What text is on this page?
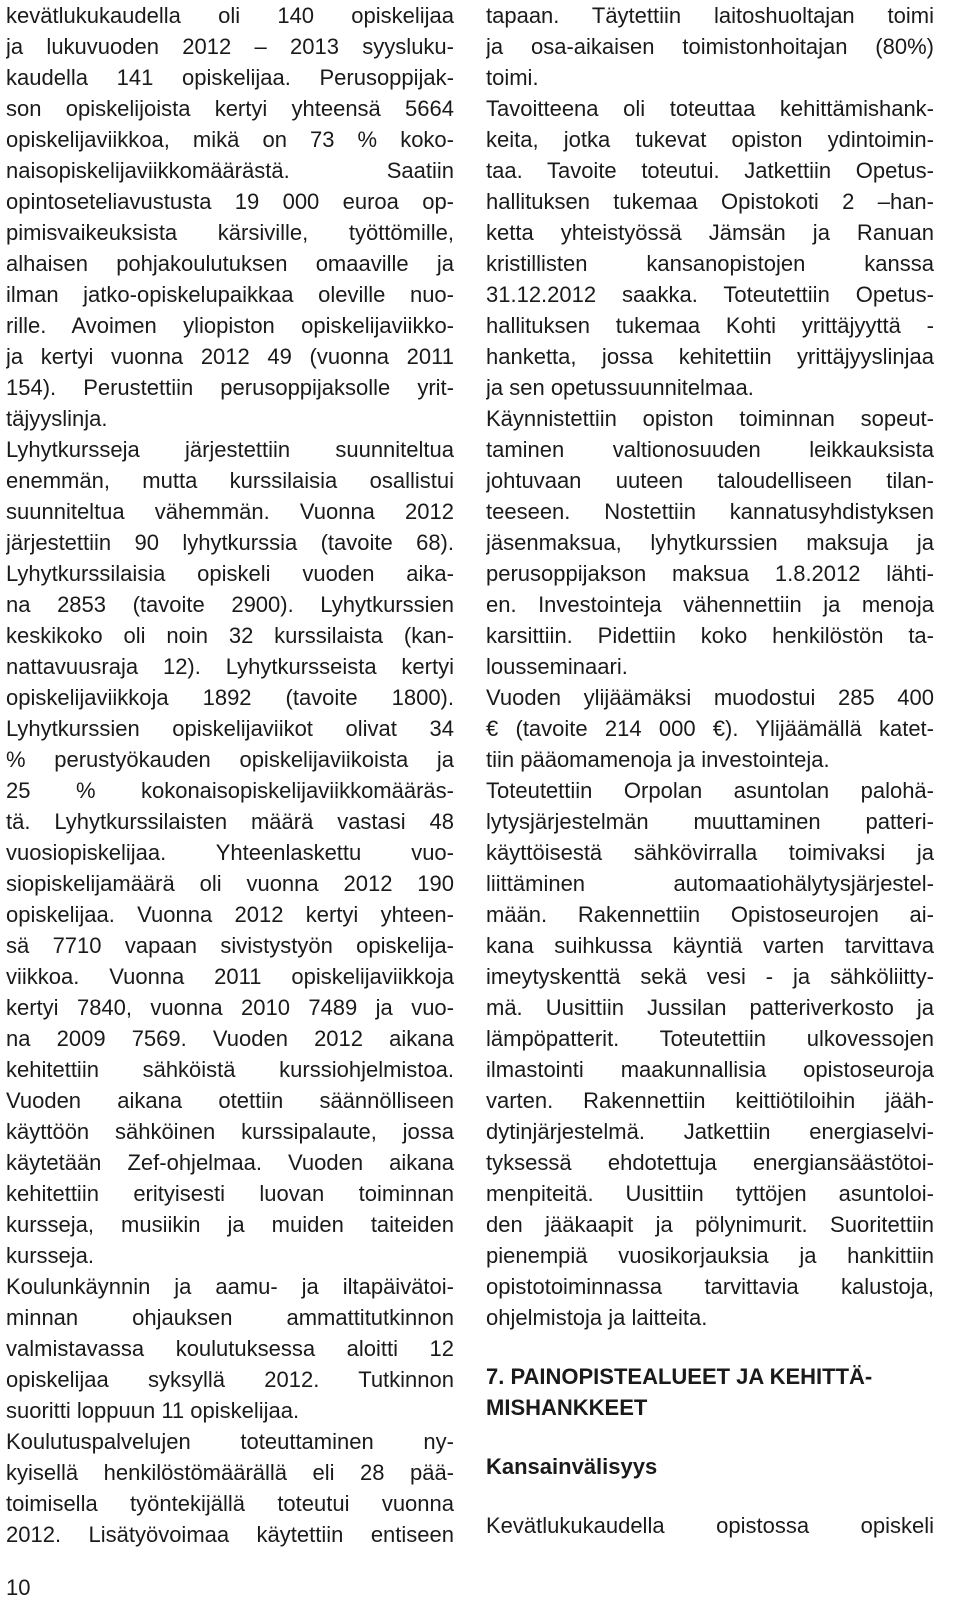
kevätlukukaudella oli 140 opiskelijaa
ja lukuvuoden 2012 – 2013 syysluku-
kaudella 141 opiskelijaa. Perusoppijak-
son opiskelijoista kertyi yhteensä 5664
opiskelijaviikkoa, mikä on 73 % koko-
naisopiskelijaviikkomäärästä. Saatiin
opintoseteliavustusta 19 000 euroa op-
pimisvaikeuksista kärsiville, työttömille,
alhaisen pohjakoulutuksen omaaville ja
ilman jatko-opiskelupaikkaa oleville nuo-
rille. Avoimen yliopiston opiskelijaviikko-
ja kertyi vuonna 2012 49 (vuonna 2011
154). Perustettiin perusoppijaksolle yrit-
täjyyslinja.
Lyhytkursseja järjestettiin suunniteltua
enemmän, mutta kurssilaisia osallistui
suunniteltua vähemmän. Vuonna 2012
järjestettiin 90 lyhytkurssia (tavoite 68).
Lyhytkurssilaisia opiskeli vuoden aika-
na 2853 (tavoite 2900). Lyhytkurssien
keskikoko oli noin 32 kurssilaista (kan-
nattavuusraja 12). Lyhytkursseista kertyi
opiskelijaviikkoja 1892 (tavoite 1800).
Lyhytkurssien opiskelijaviikot olivat 34
% perustyökauden opiskelijaviikoista ja
25 % kokonaisopiskelijaviikkomääräs-
tä. Lyhytkurssilaisten määrä vastasi 48
vuosiopiskelijaa. Yhteenlaskettu vuo-
siopiskelijamäärä oli vuonna 2012 190
opiskelijaa. Vuonna 2012 kertyi yhteen-
sä 7710 vapaan sivistystyön opiskelija-
viikkoa. Vuonna 2011 opiskelijaviikkoja
kertyi 7840, vuonna 2010 7489 ja vuo-
na 2009 7569. Vuoden 2012 aikana
kehitettiin sähköistä kurssiohjelmistoa.
Vuoden aikana otettiin säännölliseen
käyttöön sähköinen kurssipalaute, jossa
käytetään Zef-ohjelmaa. Vuoden aikana
kehitettiin erityisesti luovan toiminnan
kursseja, musiikin ja muiden taiteiden
kursseja.
Koulunkäynnin ja aamu- ja iltapäivätoi-
minnan ohjauksen ammattitutkinnon
valmistavassa koulutuksessa aloitti 12
opiskelijaa syksyllä 2012. Tutkinnon
suoritti loppuun 11 opiskelijaa.
Koulutuspalvelujen toteuttaminen ny-
kyisellä henkilöstömäärällä eli 28 pää-
toimisella työntekijällä toteutui vuonna
2012. Lisätyövoimaa käytettiin entiseen
tapaan. Täytettiin laitoshuoltajan toimi
ja osa-aikaisen toimistonhoitajan (80%)
toimi.
Tavoitteena oli toteuttaa kehittämishank-
keita, jotka tukevat opiston ydintoimin-
taa. Tavoite toteutui. Jatkettiin Opetus-
hallituksen tukemaa Opistokoti 2 –han-
ketta yhteistyössä Jämsän ja Ranuan
kristillisten kansanopistojen kanssa
31.12.2012 saakka. Toteutettiin Opetus-
hallituksen tukemaa Kohti yrittäjyyttä -
hanketta, jossa kehitettiin yrittäjyyslinjaa
ja sen opetussuunnitelmaa.
Käynnistettiin opiston toiminnan sopeut-
taminen valtionosuuden leikkauksista
johtuvaan uuteen taloudelliseen tilan-
teeseen. Nostettiin kannatusyhdistyksen
jäsenmaksua, lyhytkurssien maksuja ja
perusoppijakson maksua 1.8.2012 lähti-
en. Investointeja vähennettiin ja menoja
karsittiin. Pidettiin koko henkilöstön ta-
lousseminaari.
Vuoden ylijäämäksi muodostui 285 400
€ (tavoite 214 000 €). Ylijäämällä katet-
tiin pääomamenoja ja investointeja.
Toteutettiin Orpolan asuntolan palohä-
lytysjärjestelmän muuttaminen patteri-
käyttöisestä sähkövirralla toimivaksi ja
liittäminen automaatiohälytysjärjestel-
mään. Rakennettiin Opistoseurojen ai-
kana suihkussa käyntiä varten tarvittava
imeytyskenttä sekä vesi - ja sähköliitty-
mä. Uusittiin Jussilan patteriverkosto ja
lämpöpatterit. Toteutettiin ulkovessojen
ilmastointi maakunnallisia opistoseuroja
varten. Rakennettiin keittiötiloihin jääh-
dytinjärjestelmä. Jatkettiin energiaselvi-
tyksessä ehdotettuja energiansäästötoi-
menpiteitä. Uusittiin tyttöjen asuntoloi-
den jääkaapit ja pölynimurit. Suoritettiin
pienempiä vuosikorjauksia ja hankittiin
opistotoiminnassa tarvittavia kalustoja,
ohjelmistoja ja laitteita.
7. PAINOPISTEALUEET JA KEHITTÄ-
MISHANKKEET
Kansainvälisyys
Kevätlukukaudella opistossa opiskeli
10
